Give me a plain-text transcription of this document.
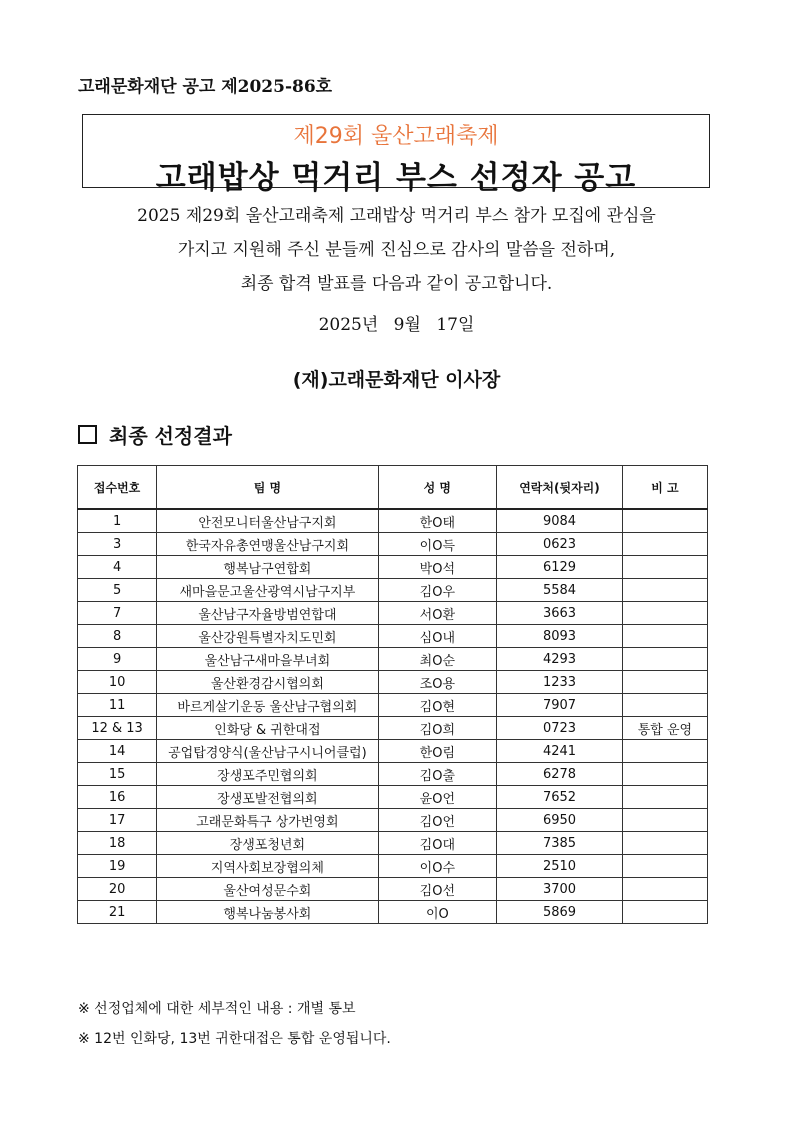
고래문화재단 공고 제2025-86호
제29회 울산고래축제
고래밥상 먹거리 부스 선정자 공고
2025 제29회 울산고래축제 고래밥상 먹거리 부스 참가 모집에 관심을
가지고 지원해 주신 분들께 진심으로 감사의 말씀을 전하며,
최종 합격 발표를 다음과 같이 공고합니다.
2025년 9월 17일
(재)고래문화재단 이사장
최종 선정결과
접수번호	팀 명	성 명	연락처(뒷자리)	비 고
1	안전모니터울산남구지회	한O태	9084	
3	한국자유총연맹울산남구지회	이O득	0623	
4	행복남구연합회	박O석	6129	
5	새마을문고울산광역시남구지부	김O우	5584	
7	울산남구자율방범연합대	서O환	3663	
8	울산강원특별자치도민회	심O내	8093	
9	울산남구새마을부녀회	최O순	4293	
10	울산환경감시협의회	조O용	1233	
11	바르게살기운동 울산남구협의회	김O현	7907	
12 & 13	인화당 & 귀한대접	김O희	0723	통합 운영
14	공업탑경양식(울산남구시니어클럽)	한O림	4241	
15	장생포주민협의회	김O출	6278	
16	장생포발전협의회	윤O언	7652	
17	고래문화특구 상가번영회	김O언	6950	
18	장생포청년회	김O대	7385	
19	지역사회보장협의체	이O수	2510	
20	울산여성문수회	김O선	3700	
21	행복나눔봉사회	이O	5869	
※ 선정업체에 대한 세부적인 내용 : 개별 통보
※ 12번 인화당, 13번 귀한대접은 통합 운영됩니다.
